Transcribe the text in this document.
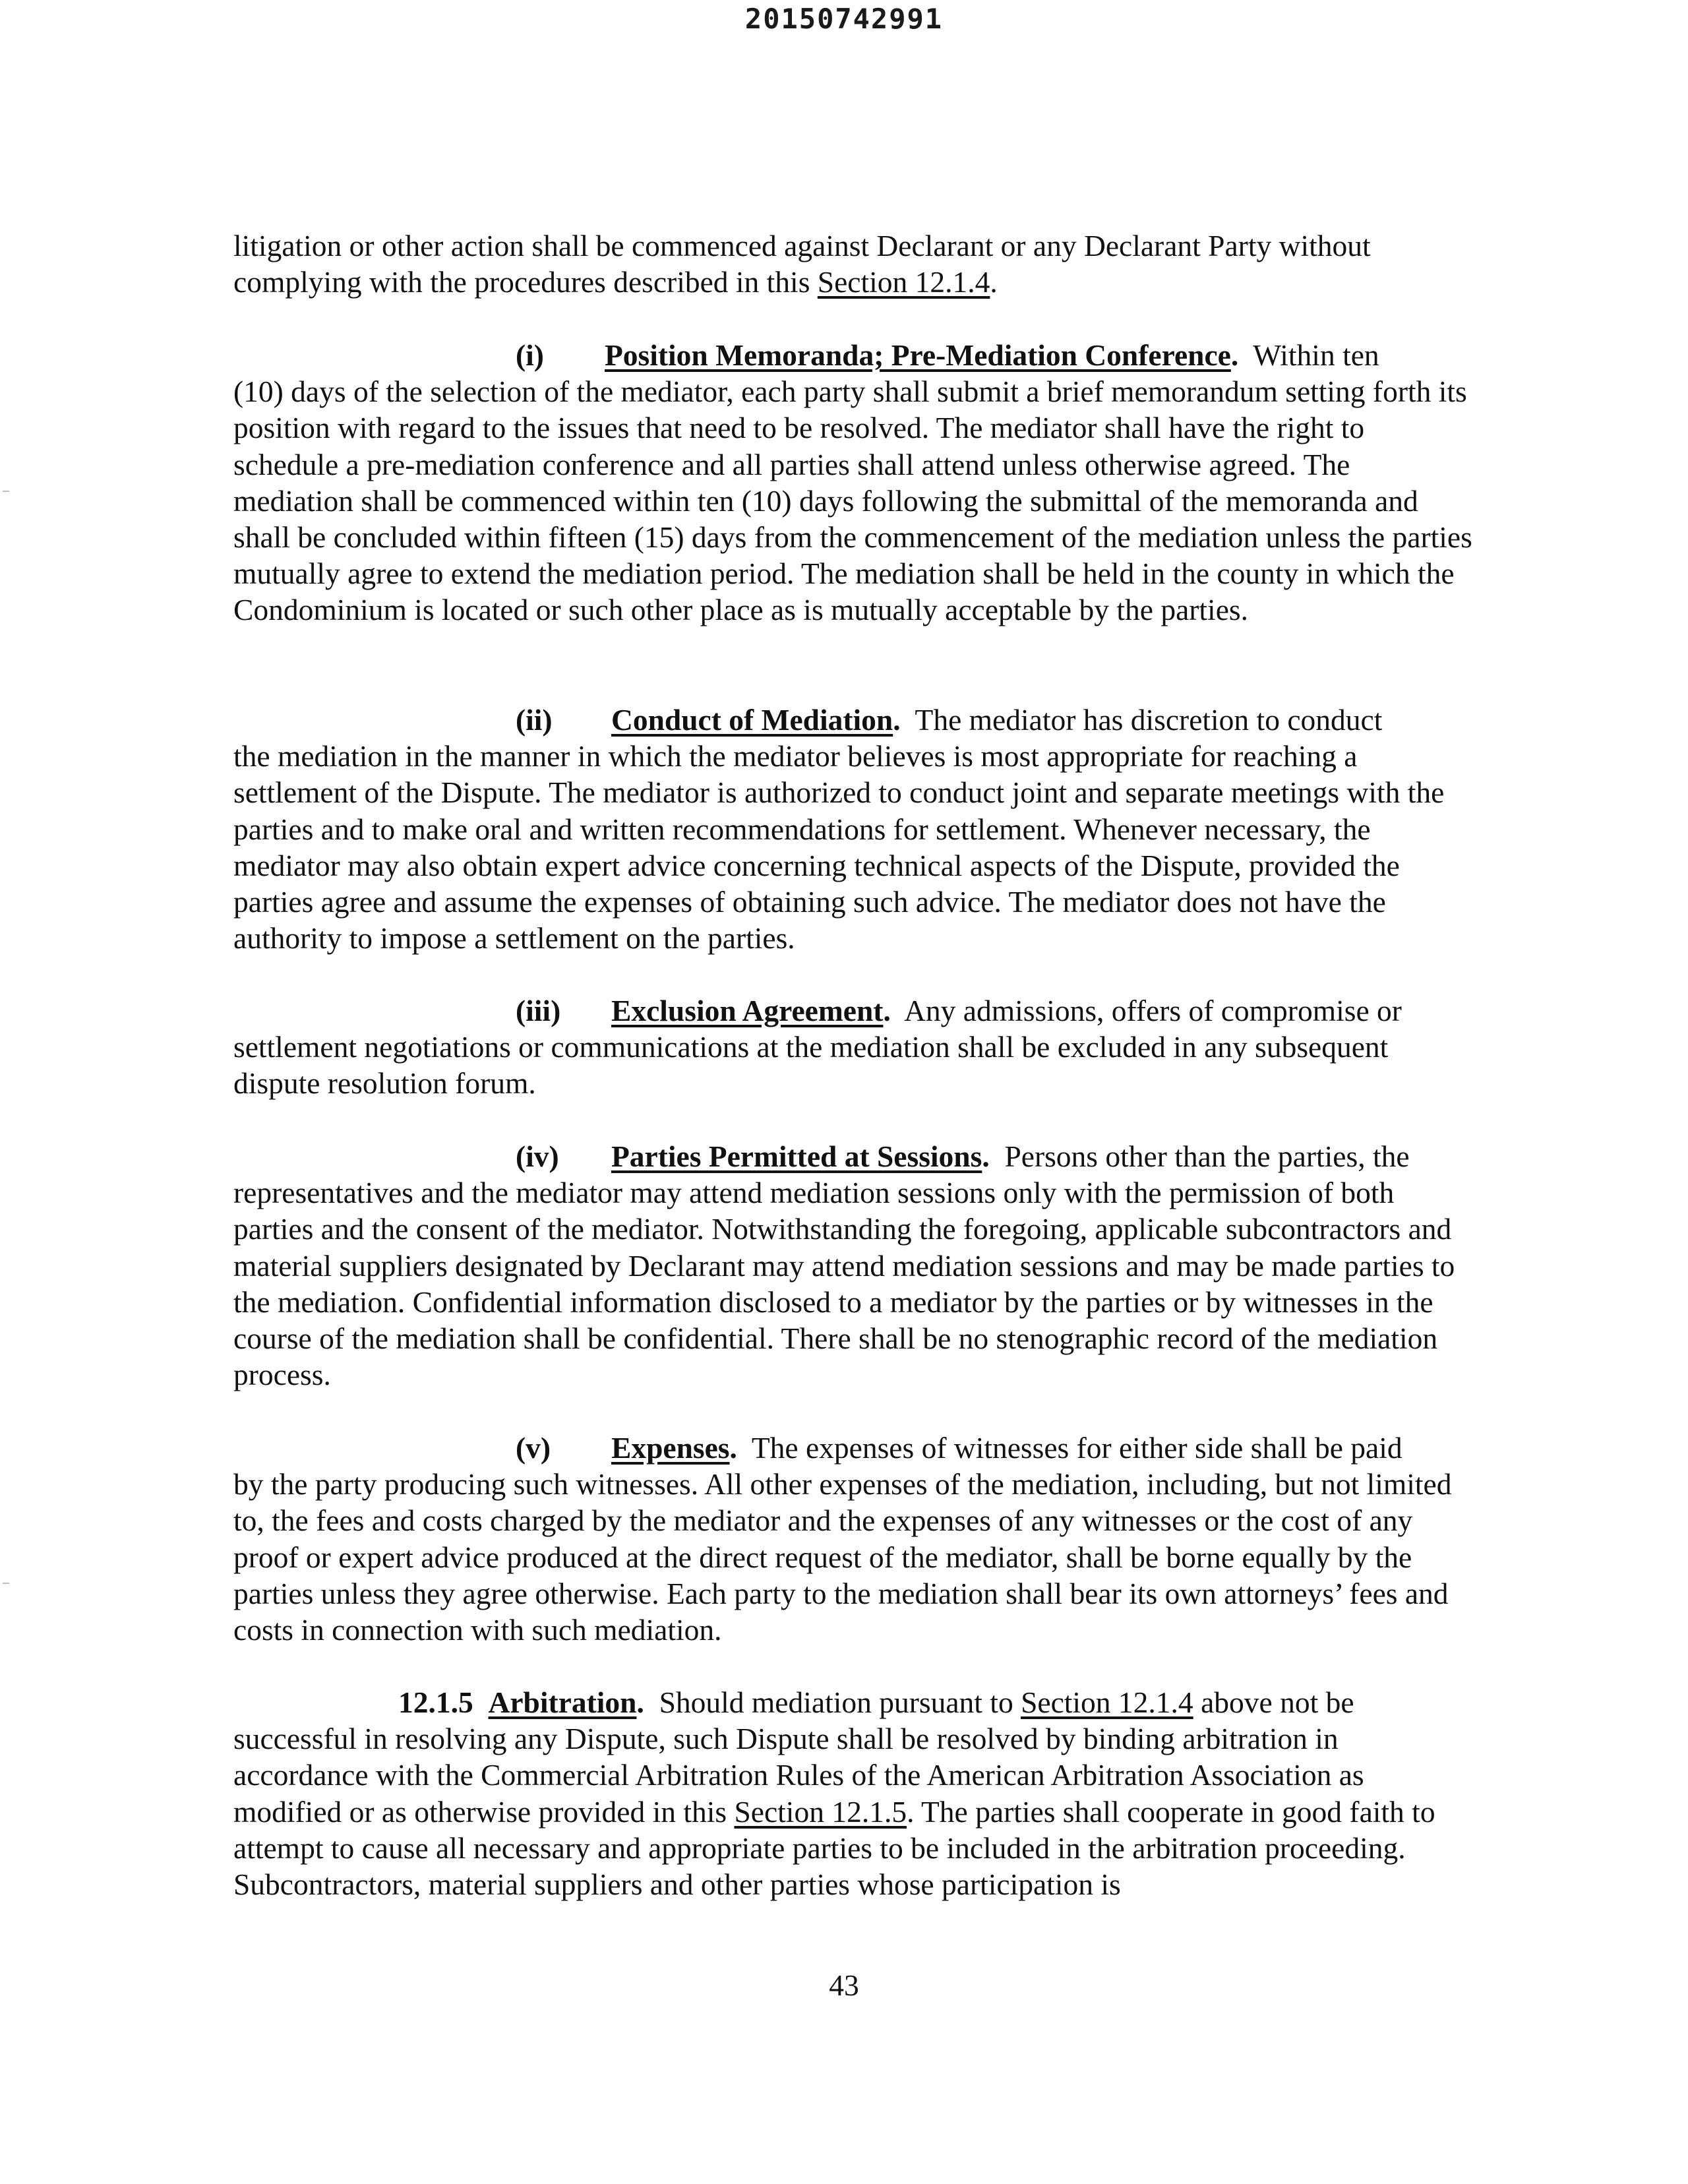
20150742991

litigation or other action shall be commenced against Declarant or any Declarant Party without complying with the procedures described in this Section 12.1.4.

(i) Position Memoranda; Pre-Mediation Conference. Within ten
(10) days of the selection of the mediator, each party shall submit a brief memorandum setting forth its position with regard to the issues that need to be resolved. The mediator shall have the right to schedule a pre-mediation conference and all parties shall attend unless otherwise agreed. The mediation shall be commenced within ten (10) days following the submittal of the memoranda and shall be concluded within fifteen (15) days from the commencement of the mediation unless the parties mutually agree to extend the mediation period. The mediation shall be held in the county in which the Condominium is located or such other place as is mutually acceptable by the parties.

(ii) Conduct of Mediation. The mediator has discretion to conduct
the mediation in the manner in which the mediator believes is most appropriate for reaching a settlement of the Dispute. The mediator is authorized to conduct joint and separate meetings with the parties and to make oral and written recommendations for settlement. Whenever necessary, the mediator may also obtain expert advice concerning technical aspects of the Dispute, provided the parties agree and assume the expenses of obtaining such advice. The mediator does not have the authority to impose a settlement on the parties.

(iii) Exclusion Agreement. Any admissions, offers of compromise or
settlement negotiations or communications at the mediation shall be excluded in any subsequent dispute resolution forum.

(iv) Parties Permitted at Sessions. Persons other than the parties, the
representatives and the mediator may attend mediation sessions only with the permission of both parties and the consent of the mediator. Notwithstanding the foregoing, applicable subcontractors and material suppliers designated by Declarant may attend mediation sessions and may be made parties to the mediation. Confidential information disclosed to a mediator by the parties or by witnesses in the course of the mediation shall be confidential. There shall be no stenographic record of the mediation process.

(v) Expenses. The expenses of witnesses for either side shall be paid
by the party producing such witnesses. All other expenses of the mediation, including, but not limited to, the fees and costs charged by the mediator and the expenses of any witnesses or the cost of any proof or expert advice produced at the direct request of the mediator, shall be borne equally by the parties unless they agree otherwise. Each party to the mediation shall bear its own attorneys’ fees and costs in connection with such mediation.

12.1.5 Arbitration. Should mediation pursuant to Section 12.1.4 above not be
successful in resolving any Dispute, such Dispute shall be resolved by binding arbitration in accordance with the Commercial Arbitration Rules of the American Arbitration Association as modified or as otherwise provided in this Section 12.1.5. The parties shall cooperate in good faith to attempt to cause all necessary and appropriate parties to be included in the arbitration proceeding. Subcontractors, material suppliers and other parties whose participation is

43
